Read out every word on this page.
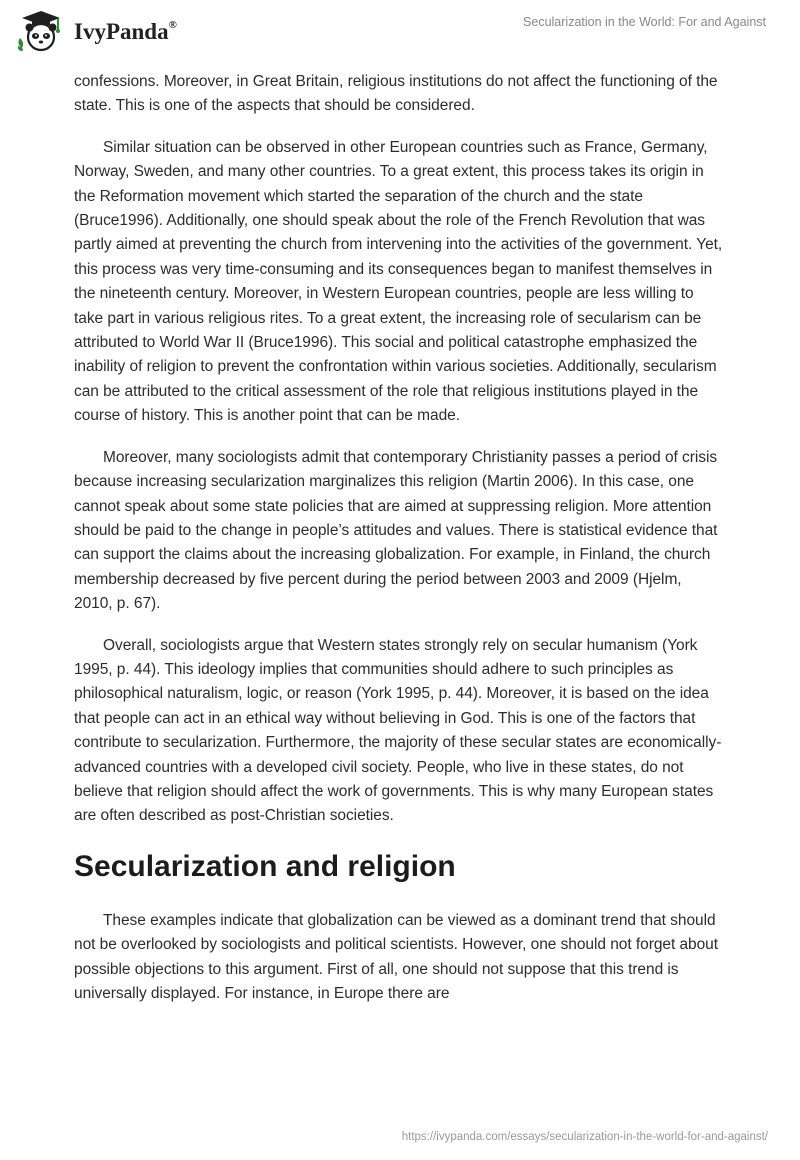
IvyPanda®	Secularization in the World: For and Against

confessions. Moreover, in Great Britain, religious institutions do not affect the functioning of the state. This is one of the aspects that should be considered.

Similar situation can be observed in other European countries such as France, Germany, Norway, Sweden, and many other countries. To a great extent, this process takes its origin in the Reformation movement which started the separation of the church and the state (Bruce1996). Additionally, one should speak about the role of the French Revolution that was partly aimed at preventing the church from intervening into the activities of the government. Yet, this process was very time-consuming and its consequences began to manifest themselves in the nineteenth century. Moreover, in Western European countries, people are less willing to take part in various religious rites. To a great extent, the increasing role of secularism can be attributed to World War II (Bruce1996). This social and political catastrophe emphasized the inability of religion to prevent the confrontation within various societies. Additionally, secularism can be attributed to the critical assessment of the role that religious institutions played in the course of history. This is another point that can be made.

Moreover, many sociologists admit that contemporary Christianity passes a period of crisis because increasing secularization marginalizes this religion (Martin 2006). In this case, one cannot speak about some state policies that are aimed at suppressing religion. More attention should be paid to the change in people’s attitudes and values. There is statistical evidence that can support the claims about the increasing globalization. For example, in Finland, the church membership decreased by five percent during the period between 2003 and 2009 (Hjelm, 2010, p. 67).

Overall, sociologists argue that Western states strongly rely on secular humanism (York 1995, p. 44). This ideology implies that communities should adhere to such principles as philosophical naturalism, logic, or reason (York 1995, p. 44). Moreover, it is based on the idea that people can act in an ethical way without believing in God. This is one of the factors that contribute to secularization. Furthermore, the majority of these secular states are economically-advanced countries with a developed civil society. People, who live in these states, do not believe that religion should affect the work of governments. This is why many European states are often described as post-Christian societies.

Secularization and religion

These examples indicate that globalization can be viewed as a dominant trend that should not be overlooked by sociologists and political scientists. However, one should not forget about possible objections to this argument. First of all, one should not suppose that this trend is universally displayed. For instance, in Europe there are

https://ivypanda.com/essays/secularization-in-the-world-for-and-against/
